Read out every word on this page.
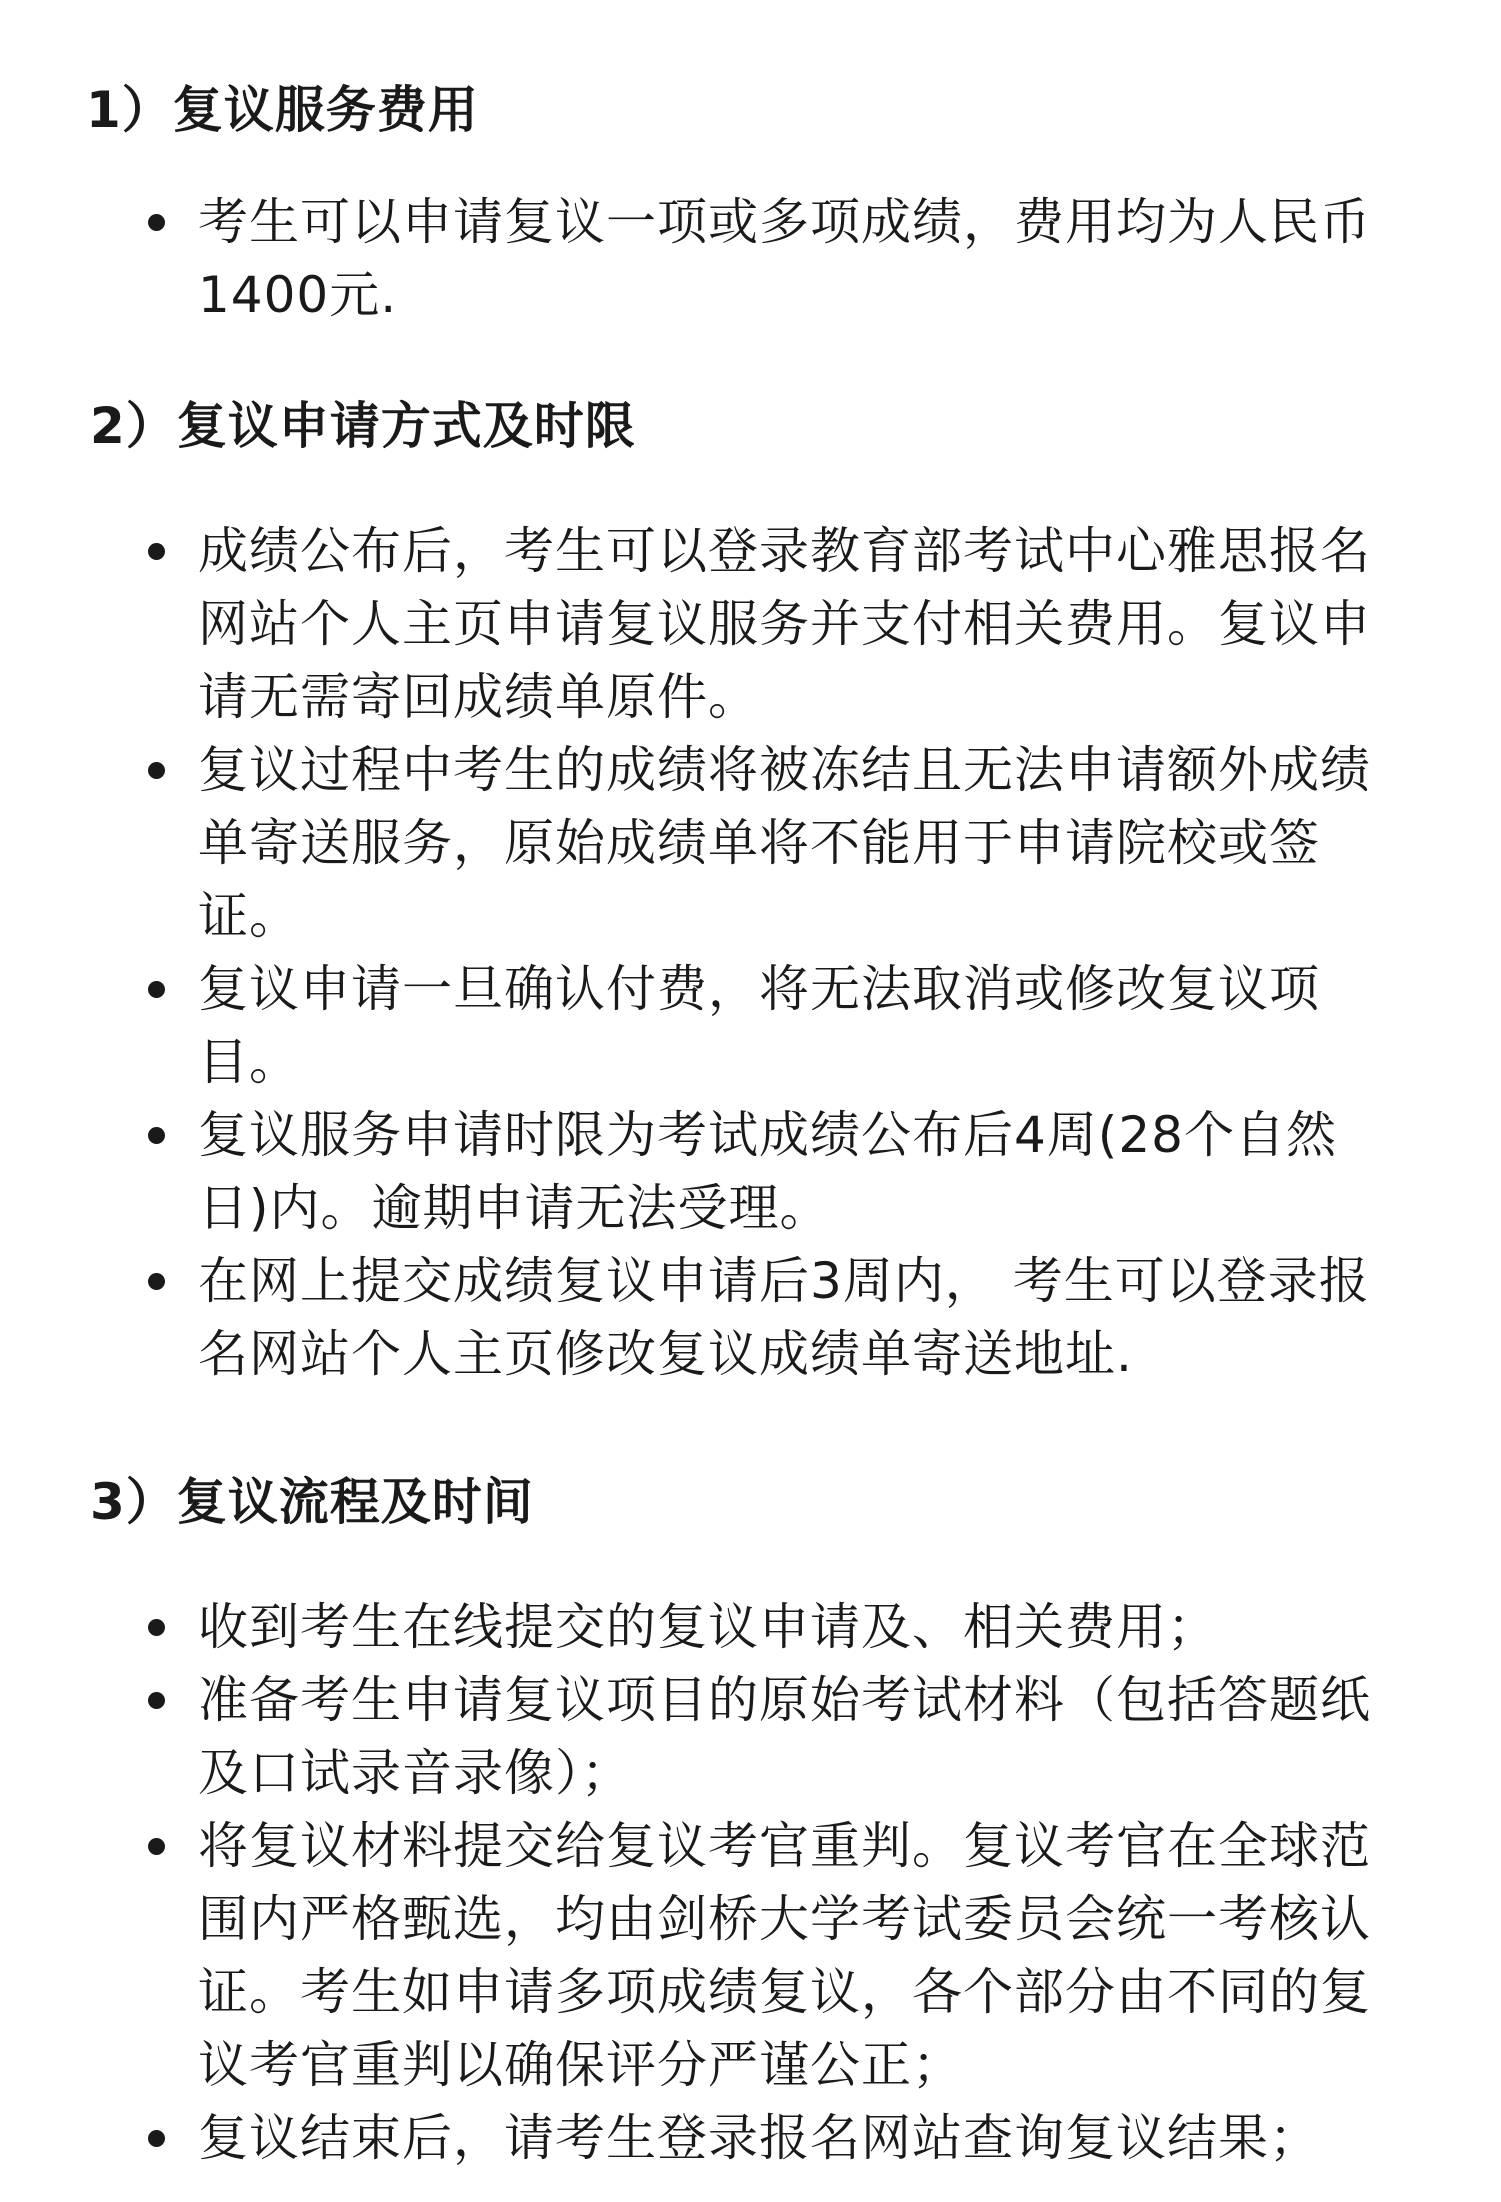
1）复议服务费用
考生可以申请复议一项或多项成绩，费用均为人民币1400元.
2）复议申请方式及时限
成绩公布后，考生可以登录教育部考试中心雅思报名网站个人主页申请复议服务并支付相关费用。复议申请无需寄回成绩单原件。
复议过程中考生的成绩将被冻结且无法申请额外成绩单寄送服务，原始成绩单将不能用于申请院校或签证。
复议申请一旦确认付费，将无法取消或修改复议项目。
复议服务申请时限为考试成绩公布后4周(28个自然日)内。逾期申请无法受理。
在网上提交成绩复议申请后3周内， 考生可以登录报名网站个人主页修改复议成绩单寄送地址.
3）复议流程及时间
收到考生在线提交的复议申请及、相关费用；
准备考生申请复议项目的原始考试材料（包括答题纸及口试录音录像）；
将复议材料提交给复议考官重判。复议考官在全球范围内严格甄选，均由剑桥大学考试委员会统一考核认证。考生如申请多项成绩复议，各个部分由不同的复议考官重判以确保评分严谨公正；
复议结束后，请考生登录报名网站查询复议结果；
